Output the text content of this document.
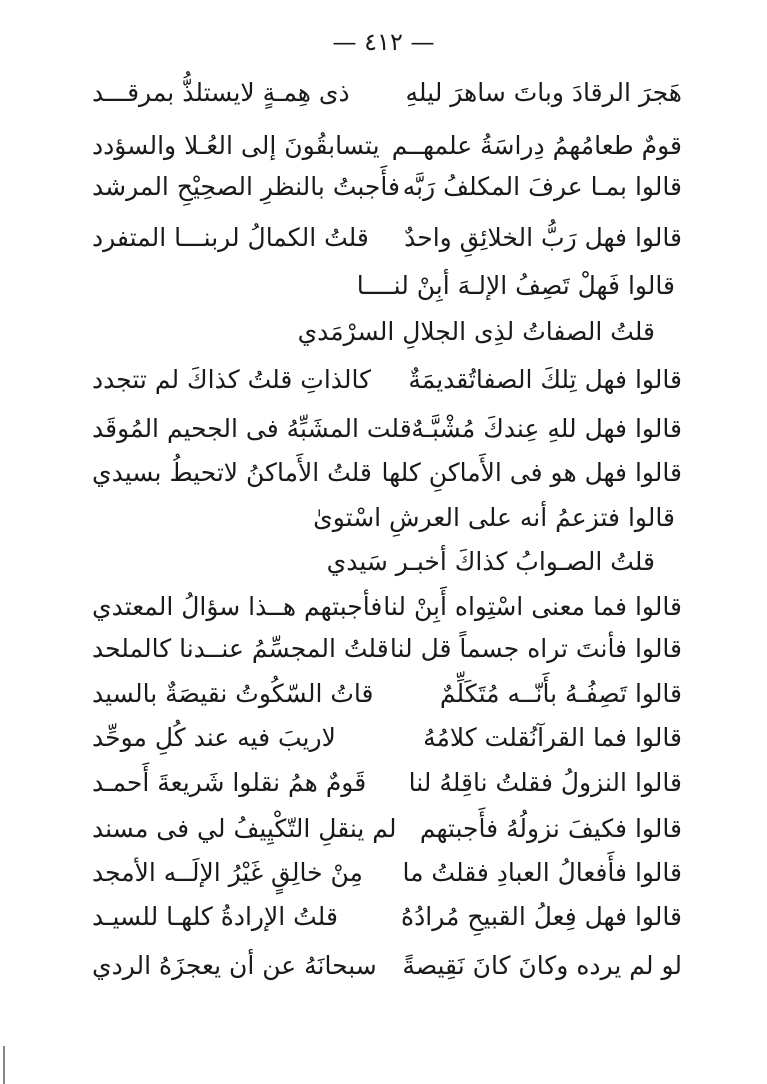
— ٤١٢ —
هَجرَ الرقادَ وباتَ ساهرَ ليلهِ
ذى هِمـةٍ لايستلذُّ بمرقـــد
قومٌ طعامُهمُ دِراسَةُ علمهــم
يتسابقُونَ إلى العُـلا والسؤدد
قالوا بمـا عرفَ المكلفُ رَبَّه
فأَجبتُ بالنظرِ الصحِيْحِ المرشد
قالوا فهل رَبُّ الخلائِقِ واحدٌ
قلتُ الكمالُ لربنـــا المتفرد
قالوا فَهلْ تَصِفُ الإلـهَ أبِنْ لنــــا
قلتُ الصفاتُ لذِى الجلالِ السرْمَدي
قالوا فهل تِلكَ الصفاتُقديمَةٌ
كالذاتِ قلتُ كذاكَ لم تتجدد
قالوا فهل للهِ عِندكَ مُشْبَّـهٌ
قلت المشَبِّهُ فى الجحيم المُوقَد
قالوا فهل هو فى الأَماكنِ كلها
قلتُ الأَماكنُ لاتحيطُ بسيدي
قالوا فتزعمُ أنه على العرشِ اسْتوىٰ
قلتُ الصـوابُ كذاكَ أخبـر سَيدي
قالوا فما معنى اسْتِواه أَبِنْ لنا
فأجبتهم هــذا سؤالُ المعتدي
قالوا فأنتَ تراه جسماً قل لنا
قلتُ المجسِّمُ عنــدنا كالملحد
قالوا تَصِفُـهُ بأَنّــه مُتَكَلِّمٌ
قاتُ السّكُوتُ نقيصَةٌ بالسيد
قالوا فما القرآنُقلت كلامُهُ
لاريبَ فيه عند كُلِ موحِّد
قالوا النزولُ فقلتُ ناقِلهُ لنا
قَومٌ همُ نقلوا شَريعةَ أَحمـد
قالوا فكيفَ نزولُهُ فأَجبتهم
لم ينقلِ التّكْيِيفُ لي فى مسند
قالوا فأَفعالُ العبادِ فقلتُ ما
مِنْ خالِقٍ غَيْرُ الإلَــه الأمجد
قالوا فهل فِعلُ القبيحِ مُرادُهُ
قلتُ الإرادةُ كلهـا للسيـد
لو لم يرده وكانَ كانَ نَقِيصةً
سبحانَهُ عن أن يعجزَهُ الردي
